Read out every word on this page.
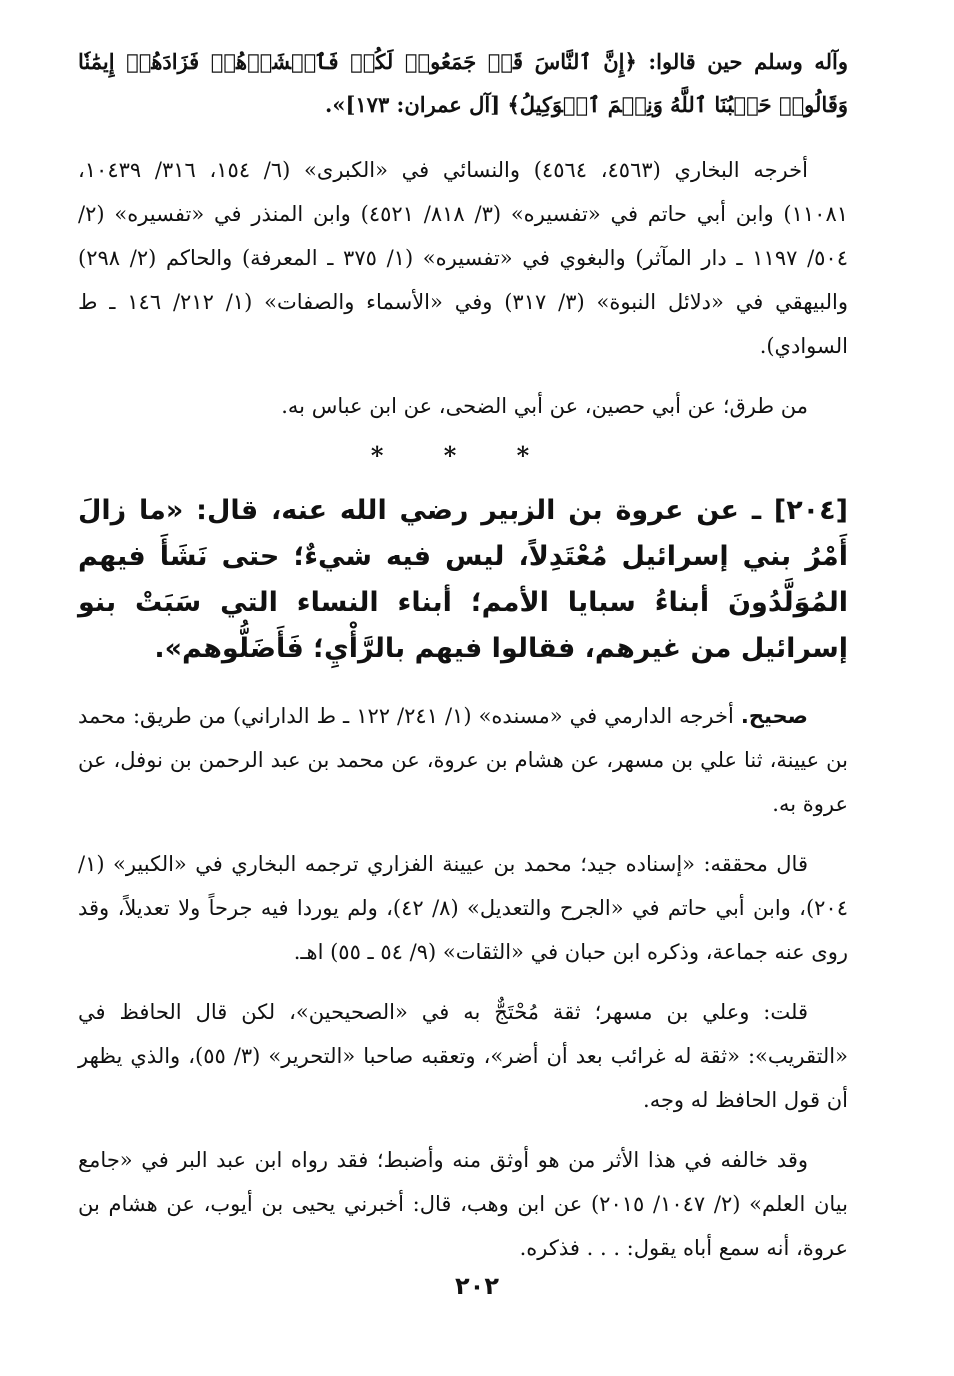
وآله وسلم حين قالوا: ﴿إِنَّ ٱلنَّاسَ قَدۡ جَمَعُوا۟ لَكُمۡ فَٱخۡشَوۡهُمۡ فَزَادَهُمۡ إِيمَٰنٗا وَقَالُوا۟ حَسۡبُنَا ٱللَّهُ وَنِعۡمَ ٱلۡوَكِيلُ﴾ [آل عمران: ١٧٣]».

أخرجه البخاري (٤٥٦٣، ٤٥٦٤) والنسائي في «الكبرى» (٦/ ١٥٤، ٣١٦/ ١٠٤٣٩، ١١٠٨١) وابن أبي حاتم في «تفسيره» (٣/ ٨١٨/ ٤٥٢١) وابن المنذر في «تفسيره» (٢/ ٥٠٤/ ١١٩٧ ـ دار المآثر) والبغوي في «تفسيره» (١/ ٣٧٥ ـ المعرفة) والحاكم (٢/ ٢٩٨) والبيهقي في «دلائل النبوة» (٣/ ٣١٧) وفي «الأسماء والصفات» (١/ ٢١٢/ ١٤٦ ـ ط السوادي).

من طرق؛ عن أبي حصين، عن أبي الضحى، عن ابن عباس به.

* * *

[٢٠٤] ـ عن عروة بن الزبير رضي الله عنه، قال: «ما زالَ أَمْرُ بني إسرائيل مُعْتَدِلاً، ليس فيه شيءٌ؛ حتى نَشَأَ فيهم المُوَلَّدُونَ أبناءُ سبايا الأمم؛ أبناء النساء التي سَبَتْ بنو إسرائيل من غيرهم، فقالوا فيهم بالرَّأْيِ؛ فَأَضَلُّوهم».

صحيح. أخرجه الدارمي في «مسنده» (١/ ٢٤١/ ١٢٢ ـ ط الداراني) من طريق: محمد بن عيينة، ثنا علي بن مسهر، عن هشام بن عروة، عن محمد بن عبد الرحمن بن نوفل، عن عروة به.

قال محققه: «إسناده جيد؛ محمد بن عيينة الفزاري ترجمه البخاري في «الكبير» (١/ ٢٠٤)، وابن أبي حاتم في «الجرح والتعديل» (٨/ ٤٢)، ولم يوردا فيه جرحاً ولا تعديلاً، وقد روى عنه جماعة، وذكره ابن حبان في «الثقات» (٩/ ٥٤ ـ ٥٥) اهـ.

قلت: وعلي بن مسهر؛ ثقة مُحْتَجٌّ به في «الصحيحين»، لكن قال الحافظ في «التقريب»: «ثقة له غرائب بعد أن أضر»، وتعقبه صاحبا «التحرير» (٣/ ٥٥)، والذي يظهر أن قول الحافظ له وجه.

وقد خالفه في هذا الأثر من هو أوثق منه وأضبط؛ فقد رواه ابن عبد البر في «جامع بيان العلم» (٢/ ١٠٤٧/ ٢٠١٥) عن ابن وهب، قال: أخبرني يحيى بن أيوب، عن هشام بن عروة، أنه سمع أباه يقول: . . . فذكره.

٢٠٢
